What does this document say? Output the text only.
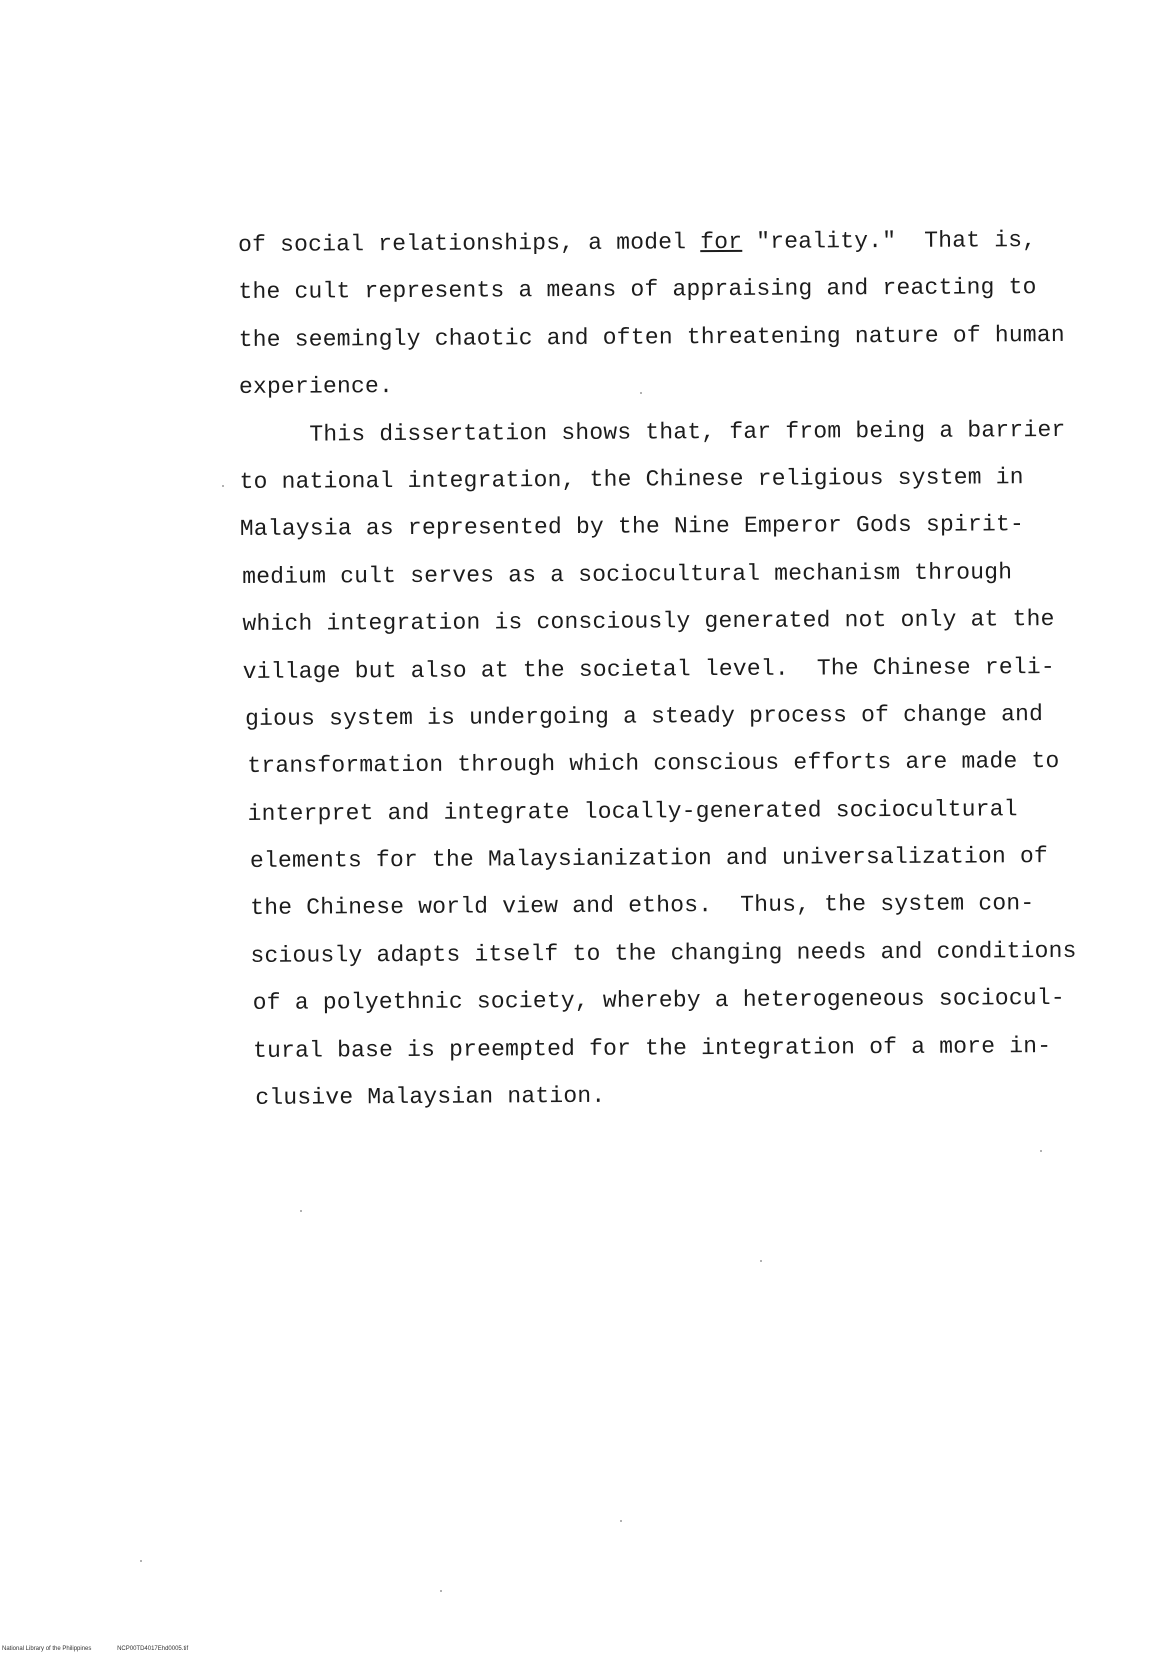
of social relationships, a model for "reality."  That is,
the cult represents a means of appraising and reacting to
the seemingly chaotic and often threatening nature of human
experience.
This dissertation shows that, far from being a barrier
to national integration, the Chinese religious system in
Malaysia as represented by the Nine Emperor Gods spirit-
medium cult serves as a sociocultural mechanism through
which integration is consciously generated not only at the
village but also at the societal level.  The Chinese reli-
gious system is undergoing a steady process of change and
transformation through which conscious efforts are made to
interpret and integrate locally-generated sociocultural
elements for the Malaysianization and universalization of
the Chinese world view and ethos.  Thus, the system con-
sciously adapts itself to the changing needs and conditions
of a polyethnic society, whereby a heterogeneous sociocul-
tural base is preempted for the integration of a more in-
clusive Malaysian nation.
National Library of the Philippines	NCP00TD4017Ehd0005.tif
